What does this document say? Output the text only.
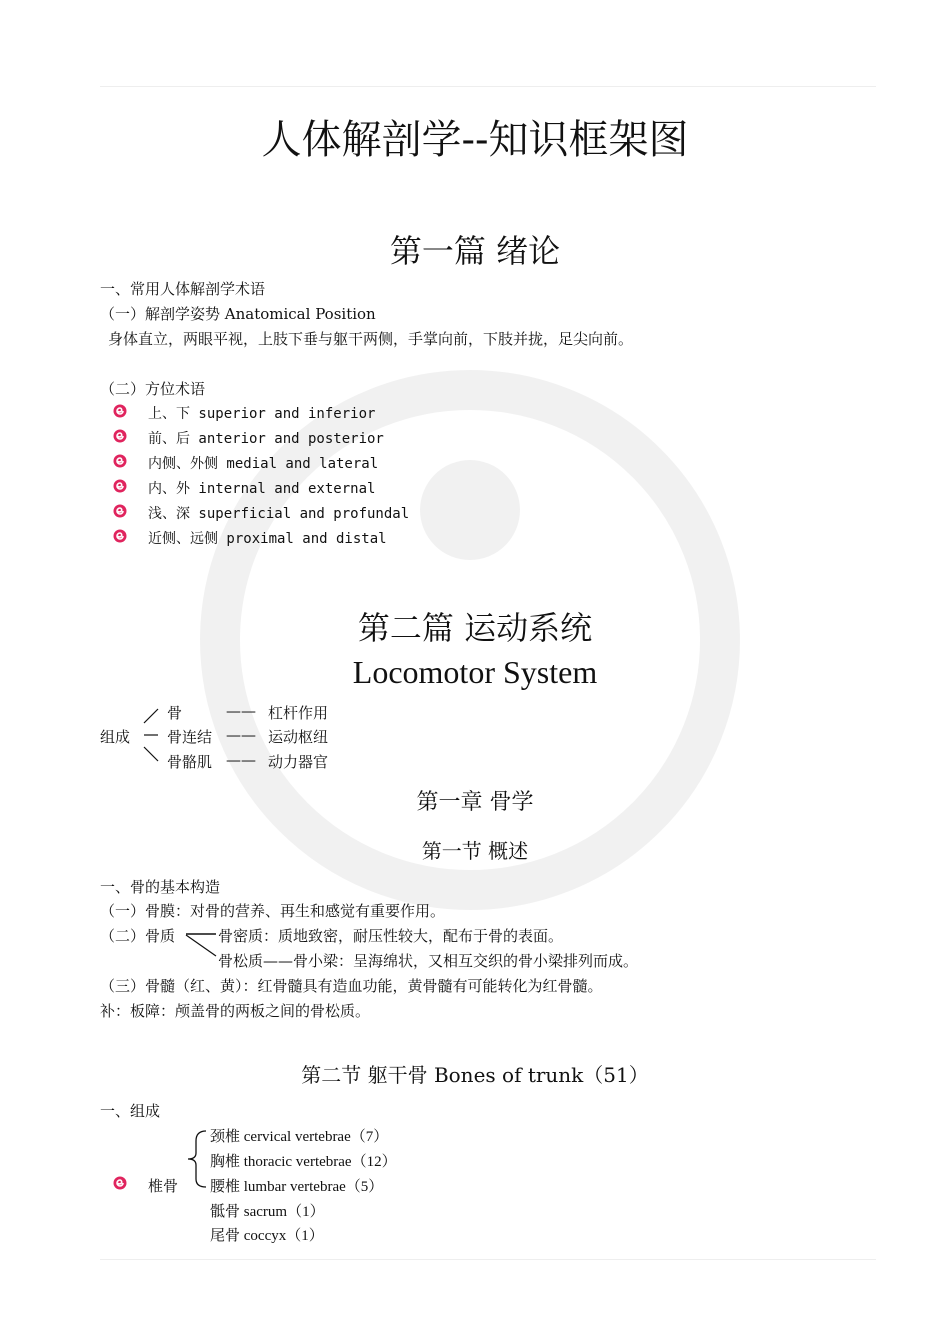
人体解剖学--知识框架图
第一篇 绪论
一、常用人体解剖学术语
（一）解剖学姿势 Anatomical Position
身体直立，两眼平视，上肢下垂与躯干两侧，手掌向前，下肢并拢，足尖向前。
（二）方位术语
上、下 superior and inferior
前、后 anterior and posterior
内侧、外侧 medial and lateral
内、外 internal and external
浅、深 superficial and profundal
近侧、远侧 proximal and distal
第二篇 运动系统
Locomotor System
组成
骨	—— 杠杆作用
骨连结 —— 运动枢纽
骨骼肌 —— 动力器官
第一章 骨学
第一节 概述
一、骨的基本构造
（一）骨膜：对骨的营养、再生和感觉有重要作用。
（二）骨质	骨密质：质地致密，耐压性较大，配布于骨的表面。
骨松质——骨小梁：呈海绵状，又相互交织的骨小梁排列而成。
（三）骨髓（红、黄）：红骨髓具有造血功能，黄骨髓有可能转化为红骨髓。
补：板障：颅盖骨的两板之间的骨松质。
第二节 躯干骨 Bones of trunk（51）
一、组成
椎骨
颈椎 cervical vertebrae（7）
胸椎 thoracic vertebrae（12）
腰椎 lumbar vertebrae（5）
骶骨 sacrum（1）
尾骨 coccyx（1）
